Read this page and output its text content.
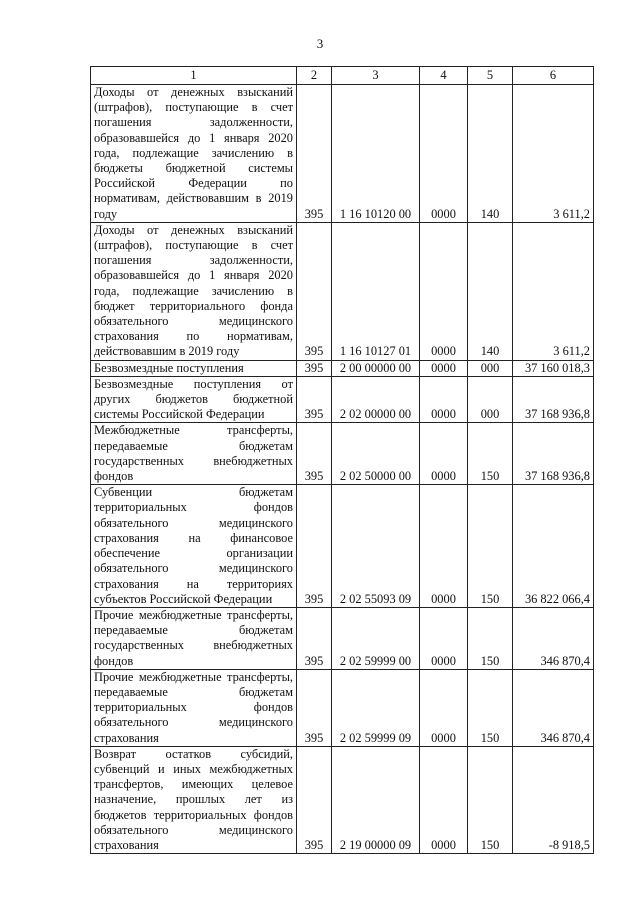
3
1	2	3	4	5	6
Доходы от денежных взысканий (штрафов), поступающие в счет погашения задолженности, образовавшейся до 1 января 2020 года, подлежащие зачислению в бюджеты бюджетной системы Российской Федерации по нормативам, действовавшим в 2019 году	395	1 16 10120 00	0000	140	3 611,2
Доходы от денежных взысканий (штрафов), поступающие в счет погашения задолженности, образовавшейся до 1 января 2020 года, подлежащие зачислению в бюджет территориального фонда обязательного медицинского страхования по нормативам, действовавшим в 2019 году	395	1 16 10127 01	0000	140	3 611,2
Безвозмездные поступления	395	2 00 00000 00	0000	000	37 160 018,3
Безвозмездные поступления от других бюджетов бюджетной системы Российской Федерации	395	2 02 00000 00	0000	000	37 168 936,8
Межбюджетные трансферты, передаваемые бюджетам государственных внебюджетных фондов	395	2 02 50000 00	0000	150	37 168 936,8
Субвенции бюджетам территориальных фондов обязательного медицинского страхования на финансовое обеспечение организации обязательного медицинского страхования на территориях субъектов Российской Федерации	395	2 02 55093 09	0000	150	36 822 066,4
Прочие межбюджетные трансферты, передаваемые бюджетам государственных внебюджетных фондов	395	2 02 59999 00	0000	150	346 870,4
Прочие межбюджетные трансферты, передаваемые бюджетам территориальных фондов обязательного медицинского страхования	395	2 02 59999 09	0000	150	346 870,4
Возврат остатков субсидий, субвенций и иных межбюджетных трансфертов, имеющих целевое назначение, прошлых лет из бюджетов территориальных фондов обязательного медицинского страхования	395	2 19 00000 09	0000	150	-8 918,5
